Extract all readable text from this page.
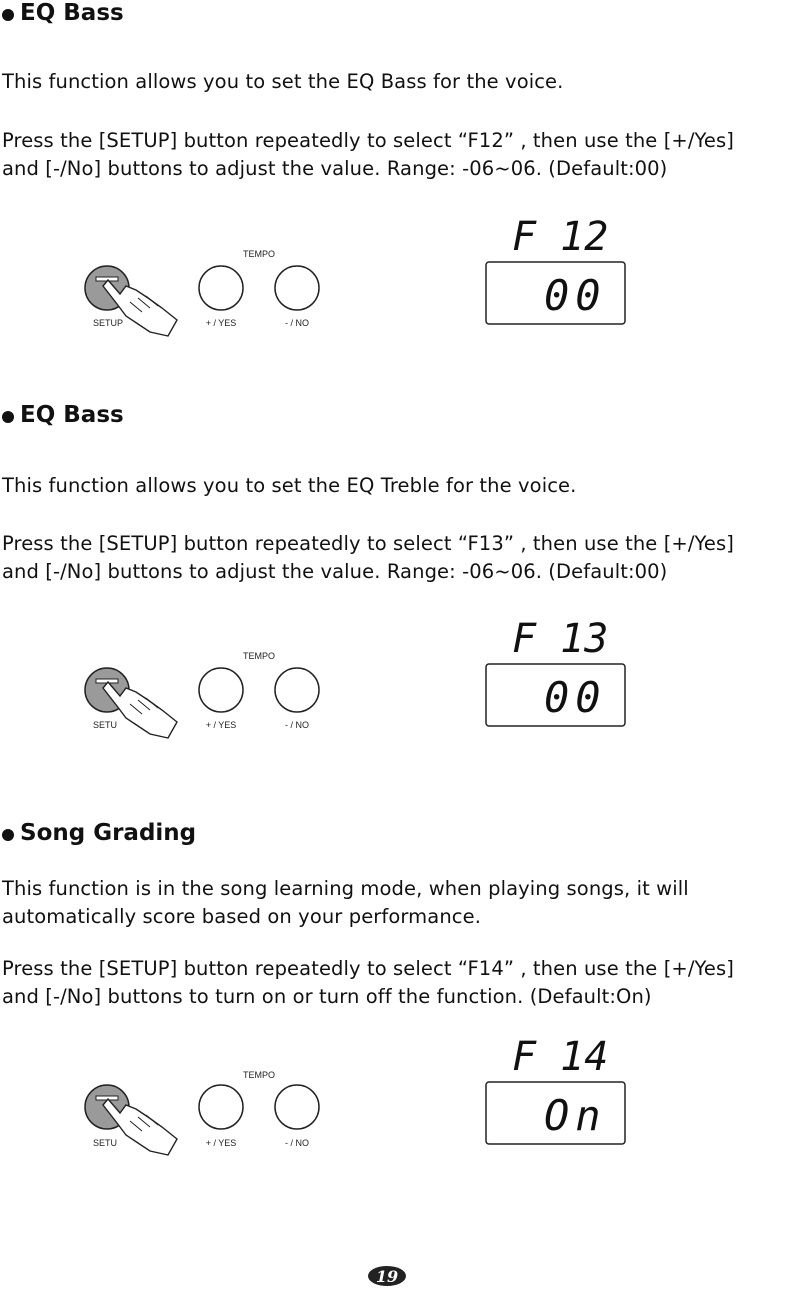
EQ Bass
This function allows you to set the EQ Bass for the voice.
Press the [SETUP] button repeatedly to select “F12” , then use the [+/Yes]
and [-/No] buttons to adjust the value. Range: -06~06. (Default:00)
TEMPO
SETUP	+ / YES	- / NO
F 12
00
EQ Bass
This function allows you to set the EQ Treble for the voice.
Press the [SETUP] button repeatedly to select “F13” , then use the [+/Yes]
and [-/No] buttons to adjust the value. Range: -06~06. (Default:00)
TEMPO
SETU	+ / YES	- / NO
F 13
00
Song Grading
This function is in the song learning mode, when playing songs, it will
automatically score based on your performance.
Press the [SETUP] button repeatedly to select “F14” , then use the [+/Yes]
and [-/No] buttons to turn on or turn off the function. (Default:On)
TEMPO
SETU	+ / YES	- / NO
F 14
On
19
